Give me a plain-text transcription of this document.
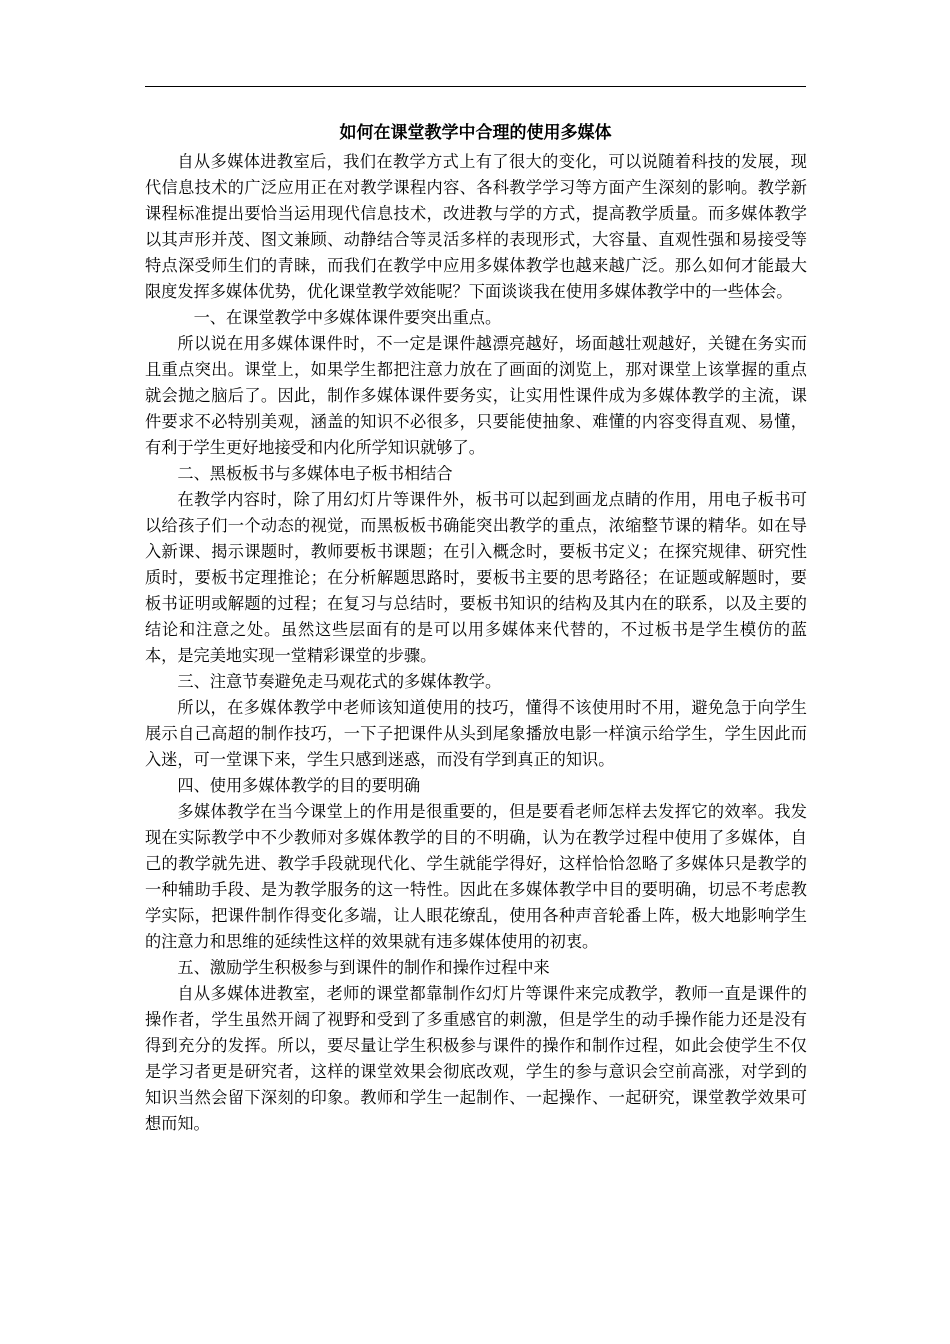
如何在课堂教学中合理的使用多媒体

自从多媒体进教室后，我们在教学方式上有了很大的变化，可以说随着科技的发展，现代信息技术的广泛应用正在对教学课程内容、各科教学学习等方面产生深刻的影响。教学新课程标准提出要恰当运用现代信息技术，改进教与学的方式，提高教学质量。而多媒体教学以其声形并茂、图文兼顾、动静结合等灵活多样的表现形式，大容量、直观性强和易接受等特点深受师生们的青睐，而我们在教学中应用多媒体教学也越来越广泛。那么如何才能最大限度发挥多媒体优势，优化课堂教学效能呢？下面谈谈我在使用多媒体教学中的一些体会。

一、在课堂教学中多媒体课件要突出重点。

所以说在用多媒体课件时，不一定是课件越漂亮越好，场面越壮观越好，关键在务实而且重点突出。课堂上，如果学生都把注意力放在了画面的浏览上，那对课堂上该掌握的重点就会抛之脑后了。因此，制作多媒体课件要务实，让实用性课件成为多媒体教学的主流，课件要求不必特别美观，涵盖的知识不必很多，只要能使抽象、难懂的内容变得直观、易懂，有利于学生更好地接受和内化所学知识就够了。

二、黑板板书与多媒体电子板书相结合

在教学内容时，除了用幻灯片等课件外，板书可以起到画龙点睛的作用，用电子板书可以给孩子们一个动态的视觉，而黑板板书确能突出教学的重点，浓缩整节课的精华。如在导入新课、揭示课题时，教师要板书课题；在引入概念时，要板书定义；在探究规律、研究性质时，要板书定理推论；在分析解题思路时，要板书主要的思考路径；在证题或解题时，要板书证明或解题的过程；在复习与总结时，要板书知识的结构及其内在的联系，以及主要的结论和注意之处。虽然这些层面有的是可以用多媒体来代替的，不过板书是学生模仿的蓝本，是完美地实现一堂精彩课堂的步骤。

三、注意节奏避免走马观花式的多媒体教学。

所以，在多媒体教学中老师该知道使用的技巧，懂得不该使用时不用，避免急于向学生展示自己高超的制作技巧，一下子把课件从头到尾象播放电影一样演示给学生，学生因此而入迷，可一堂课下来，学生只感到迷惑，而没有学到真正的知识。

四、使用多媒体教学的目的要明确

多媒体教学在当今课堂上的作用是很重要的，但是要看老师怎样去发挥它的效率。我发现在实际教学中不少教师对多媒体教学的目的不明确，认为在教学过程中使用了多媒体，自己的教学就先进、教学手段就现代化、学生就能学得好，这样恰恰忽略了多媒体只是教学的一种辅助手段、是为教学服务的这一特性。因此在多媒体教学中目的要明确，切忌不考虑教学实际，把课件制作得变化多端，让人眼花缭乱，使用各种声音轮番上阵，极大地影响学生的注意力和思维的延续性这样的效果就有违多媒体使用的初衷。

五、激励学生积极参与到课件的制作和操作过程中来

自从多媒体进教室，老师的课堂都靠制作幻灯片等课件来完成教学，教师一直是课件的操作者，学生虽然开阔了视野和受到了多重感官的刺激，但是学生的动手操作能力还是没有得到充分的发挥。所以，要尽量让学生积极参与课件的操作和制作过程，如此会使学生不仅是学习者更是研究者，这样的课堂效果会彻底改观，学生的参与意识会空前高涨，对学到的知识当然会留下深刻的印象。教师和学生一起制作、一起操作、一起研究，课堂教学效果可想而知。
